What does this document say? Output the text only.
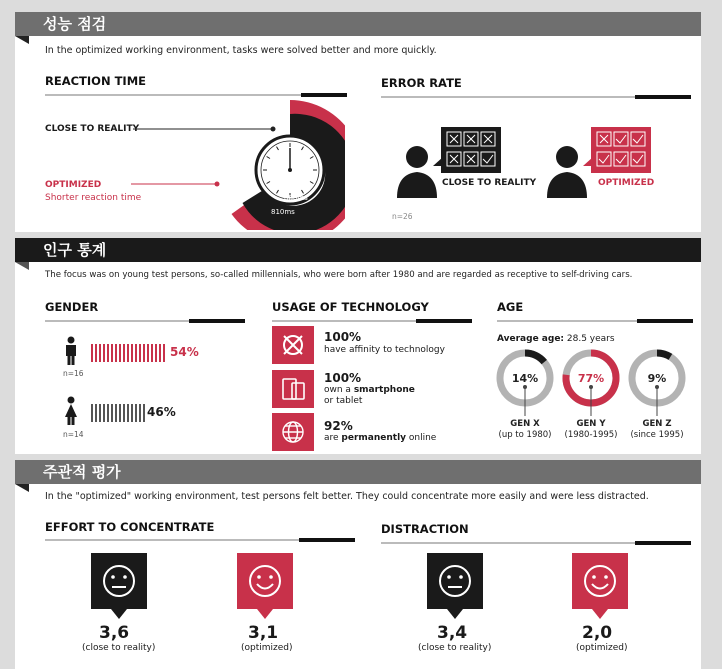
성능 점검
In the optimized working environment, tasks were solved better and more quickly.
REACTION TIME	ERROR RATE
CLOSE TO REALITY
OPTIMIZED
Shorter reaction time	880ms
810ms
CLOSE TO REALITY	OPTIMIZED
n=26
인구 통계
The focus was on young test persons, so-called millennials, who were born after 1980 and are regarded as receptive to self-driving cars.
GENDER	USAGE OF TECHNOLOGY	AGE
54%
n=16
46%
n=14
100%
have affinity to technology
100%
own a smartphone
or tablet
92%
are permanently online
Average age: 28.5 years
14%
GEN X
(up to 1980)
77%
GEN Y
(1980-1995)
9%
GEN Z
(since 1995)
주관적 평가
In the "optimized" working environment, test persons felt better. They could concentrate more easily and were less distracted.
EFFORT TO CONCENTRATE	DISTRACTION
3,6
(close to reality)
3,1
(optimized)
3,4
(close to reality)
2,0
(optimized)
